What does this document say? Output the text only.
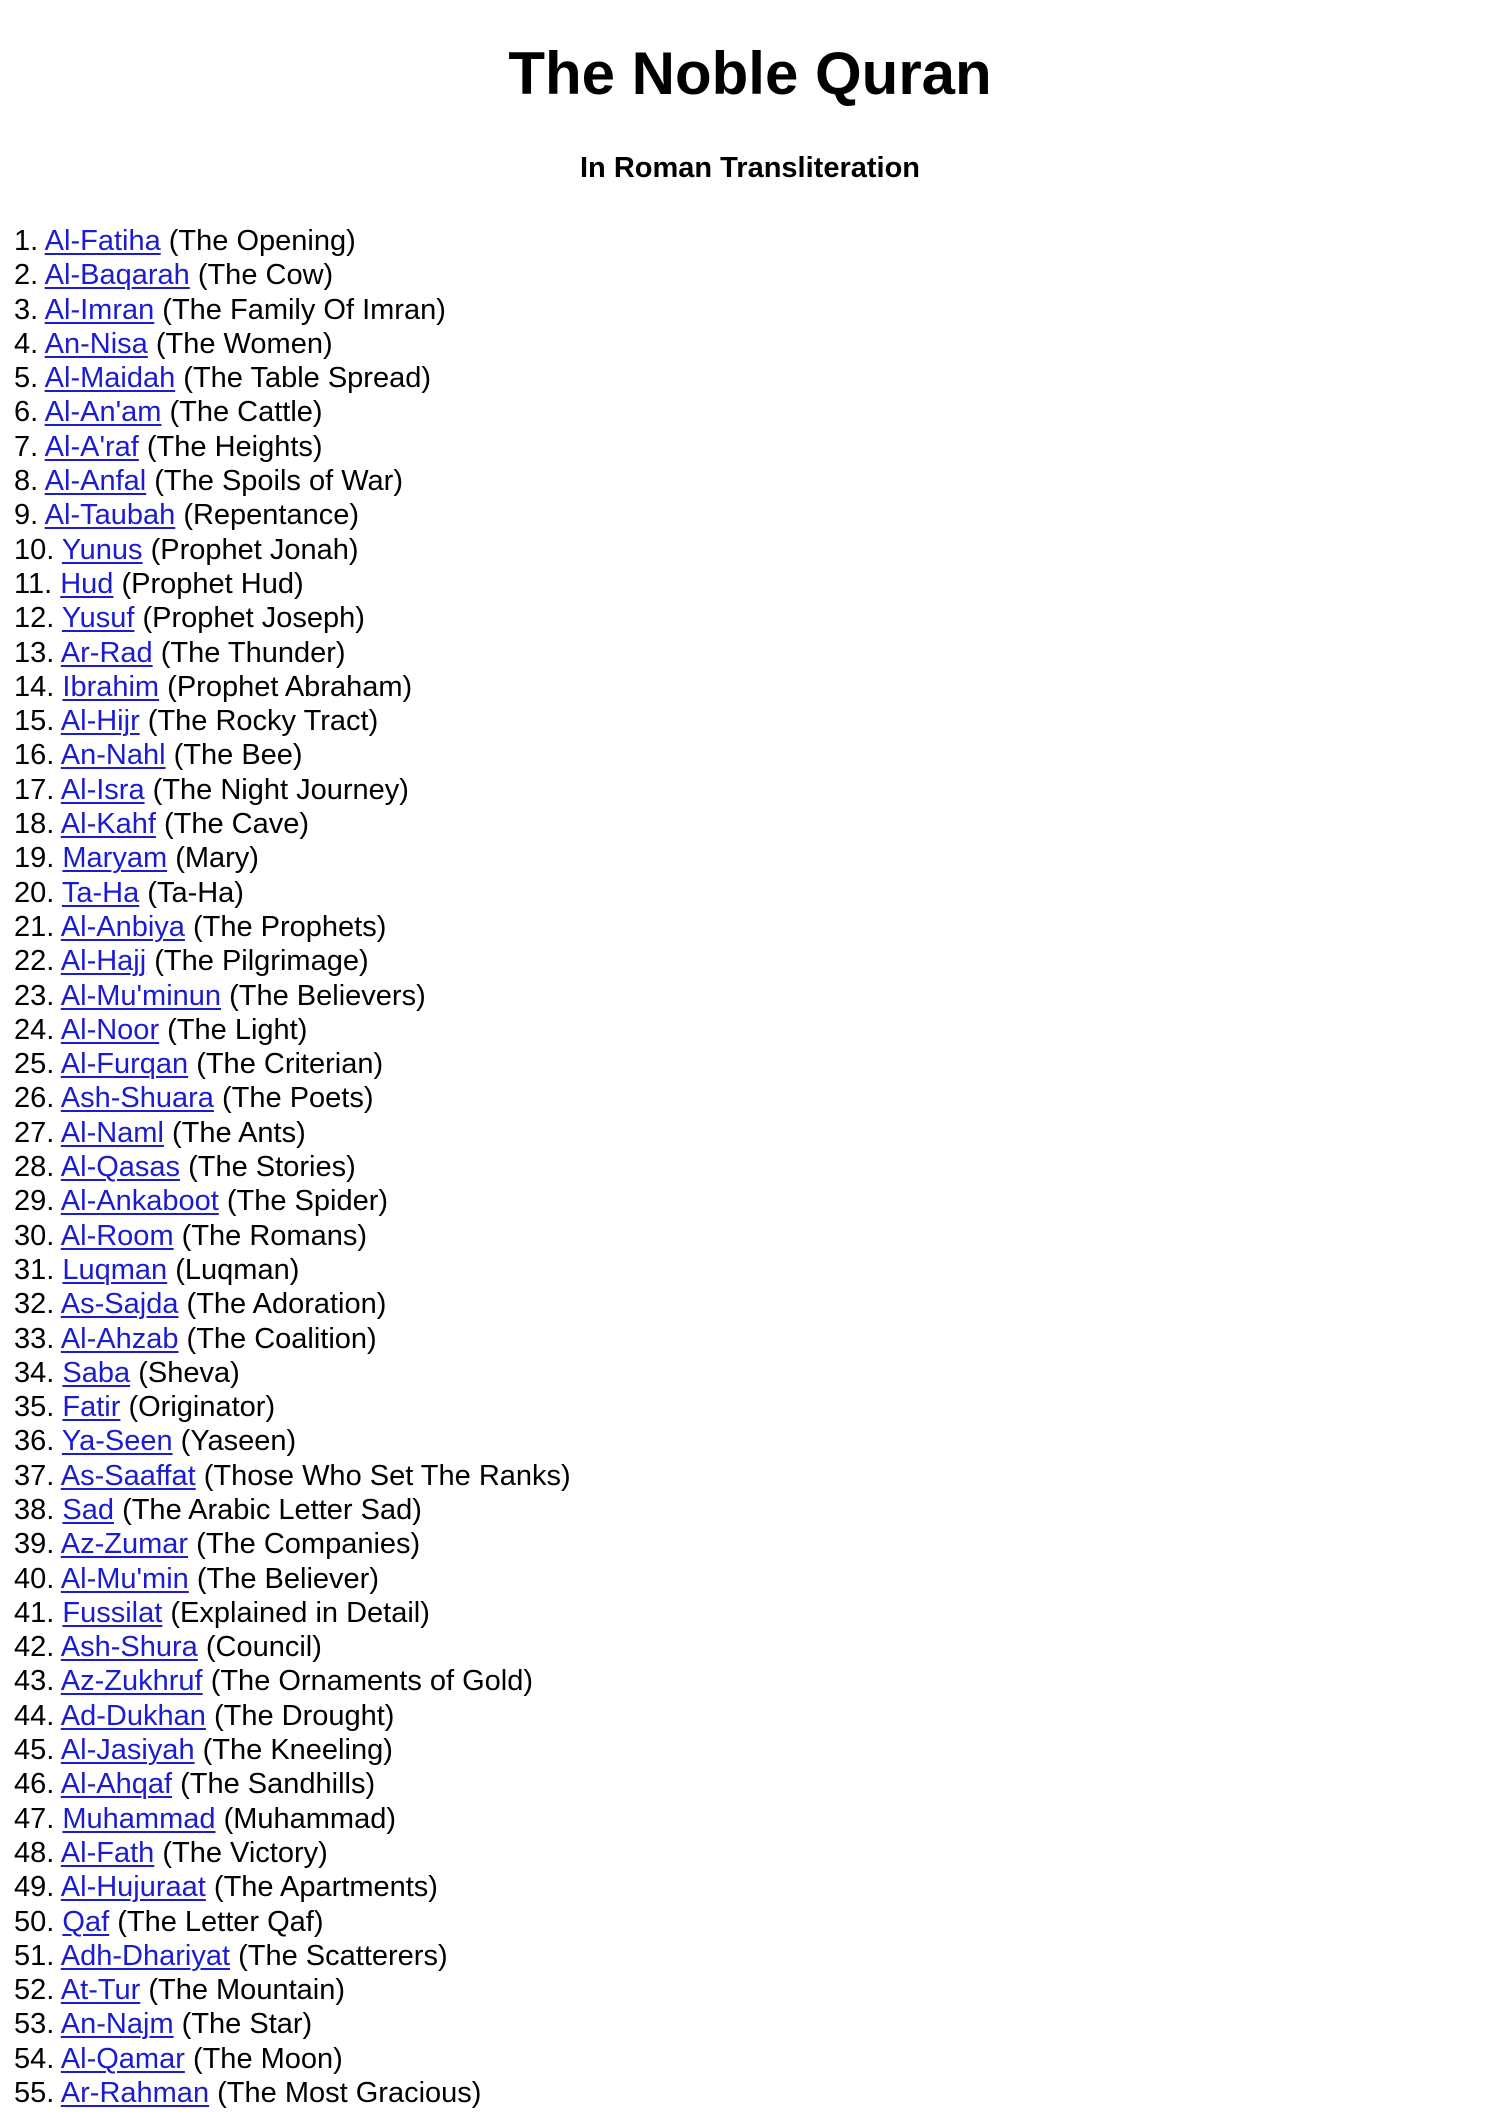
The Noble Quran
In Roman Transliteration
1. Al-Fatiha (The Opening)
2. Al-Baqarah (The Cow)
3. Al-Imran (The Family Of Imran)
4. An-Nisa (The Women)
5. Al-Maidah (The Table Spread)
6. Al-An'am (The Cattle)
7. Al-A'raf (The Heights)
8. Al-Anfal (The Spoils of War)
9. Al-Taubah (Repentance)
10. Yunus (Prophet Jonah)
11. Hud (Prophet Hud)
12. Yusuf (Prophet Joseph)
13. Ar-Rad (The Thunder)
14. Ibrahim (Prophet Abraham)
15. Al-Hijr (The Rocky Tract)
16. An-Nahl (The Bee)
17. Al-Isra (The Night Journey)
18. Al-Kahf (The Cave)
19. Maryam (Mary)
20. Ta-Ha (Ta-Ha)
21. Al-Anbiya (The Prophets)
22. Al-Hajj (The Pilgrimage)
23. Al-Mu'minun (The Believers)
24. Al-Noor (The Light)
25. Al-Furqan (The Criterian)
26. Ash-Shuara (The Poets)
27. Al-Naml (The Ants)
28. Al-Qasas (The Stories)
29. Al-Ankaboot (The Spider)
30. Al-Room (The Romans)
31. Luqman (Luqman)
32. As-Sajda (The Adoration)
33. Al-Ahzab (The Coalition)
34. Saba (Sheva)
35. Fatir (Originator)
36. Ya-Seen (Yaseen)
37. As-Saaffat (Those Who Set The Ranks)
38. Sad (The Arabic Letter Sad)
39. Az-Zumar (The Companies)
40. Al-Mu'min (The Believer)
41. Fussilat (Explained in Detail)
42. Ash-Shura (Council)
43. Az-Zukhruf (The Ornaments of Gold)
44. Ad-Dukhan (The Drought)
45. Al-Jasiyah (The Kneeling)
46. Al-Ahqaf (The Sandhills)
47. Muhammad (Muhammad)
48. Al-Fath (The Victory)
49. Al-Hujuraat (The Apartments)
50. Qaf (The Letter Qaf)
51. Adh-Dhariyat (The Scatterers)
52. At-Tur (The Mountain)
53. An-Najm (The Star)
54. Al-Qamar (The Moon)
55. Ar-Rahman (The Most Gracious)
